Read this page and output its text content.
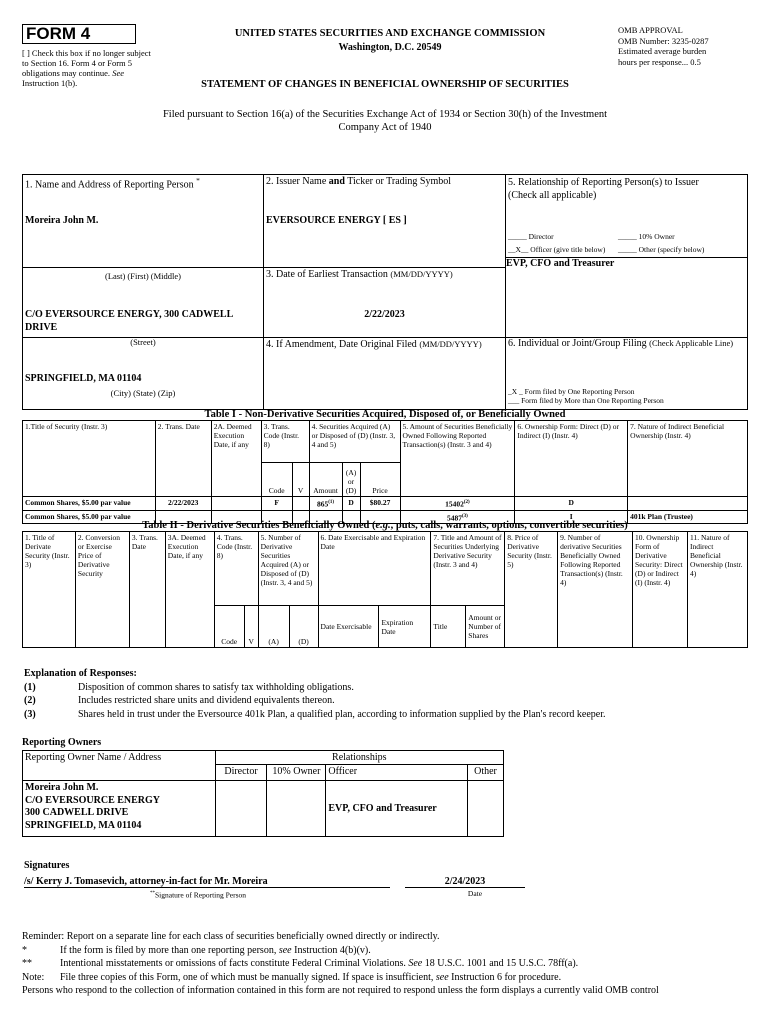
FORM 4
[ ] Check this box if no longer subject to Section 16. Form 4 or Form 5 obligations may continue. See Instruction 1(b).
UNITED STATES SECURITIES AND EXCHANGE COMMISSION
Washington, D.C. 20549
STATEMENT OF CHANGES IN BENEFICIAL OWNERSHIP OF SECURITIES
OMB APPROVAL
OMB Number: 3235-0287
Estimated average burden
hours per response... 0.5
Filed pursuant to Section 16(a) of the Securities Exchange Act of 1934 or Section 30(h) of the Investment Company Act of 1940
1. Name and Address of Reporting Person *
Moreira John M.
(Last) (First) (Middle)
C/O EVERSOURCE ENERGY, 300 CADWELL DRIVE
(Street)
SPRINGFIELD, MA 01104
(City) (State) (Zip)
2. Issuer Name and Ticker or Trading Symbol
EVERSOURCE ENERGY [ ES ]
3. Date of Earliest Transaction (MM/DD/YYYY)
2/22/2023
4. If Amendment, Date Original Filed (MM/DD/YYYY)
5. Relationship of Reporting Person(s) to Issuer
(Check all applicable)
_____ Director	_____ 10% Owner
__X__ Officer (give title below) _____ Other (specify below)
EVP, CFO and Treasurer
6. Individual or Joint/Group Filing (Check Applicable Line)
_X _ Form filed by One Reporting Person
___ Form filed by More than One Reporting Person
Table I - Non-Derivative Securities Acquired, Disposed of, or Beneficially Owned
1.Title of Security (Instr. 3)	2. Trans. Date	2A. Deemed Execution Date, if any	3. Trans. Code (Instr. 8)		4. Securities Acquired (A) or Disposed of (D) (Instr. 3, 4 and 5)			5. Amount of Securities Beneficially Owned Following Reported Transaction(s) (Instr. 3 and 4)	6. Ownership Form: Direct (D) or Indirect (I) (Instr. 4)	7. Nature of Indirect Beneficial Ownership (Instr. 4)
			Code	V	Amount	(A) or (D)	Price			
Common Shares, $5.00 par value	2/22/2023		F		865$^{(1)}$	D	$80.27	15402$^{(2)}$	D	
Common Shares, $5.00 par value								5487$^{(3)}$	I	401k Plan (Trustee)
Table II - Derivative Securities Beneficially Owned (e.g., puts, calls, warrants, options, convertible securities)
1. Title of Derivate Security (Instr. 3)	2. Conversion or Exercise Price of Derivative Security	3. Trans. Date	3A. Deemed Execution Date, if any	4. Trans. Code (Instr. 8)		5. Number of Derivative Securities Acquired (A) or Disposed of (D) (Instr. 3, 4 and 5)		6. Date Exercisable and Expiration Date		7. Title and Amount of Securities Underlying Derivative Security (Instr. 3 and 4)		8. Price of Derivative Security (Instr. 5)	9. Number of derivative Securities Beneficially Owned Following Reported Transaction(s) (Instr. 4)	10. Ownership Form of Derivative Security: Direct (D) or Indirect (I) (Instr. 4)	11. Nature of Indirect Beneficial Ownership (Instr. 4)
				Code	V	(A)	(D)	Date Exercisable	Expiration Date	Title	Amount or Number of Shares				
Explanation of Responses:
(1)	Disposition of common shares to satisfy tax withholding obligations.
(2)	Includes restricted share units and dividend equivalents thereon.
(3)	Shares held in trust under the Eversource 401k Plan, a qualified plan, according to information supplied by the Plan's record keeper.
Reporting Owners
Reporting Owner Name / Address	Relationships			
	Director	10% Owner	Officer	Other

Moreira John M.
C/O EVERSOURCE ENERGY
300 CADWELL DRIVE
SPRINGFIELD, MA 01104			EVP, CFO and Treasurer	
Signatures
/s/ Kerry J. Tomasevich, attorney-in-fact for Mr. Moreira	2/24/2023
**Signature of Reporting Person	Date
Reminder: Report on a separate line for each class of securities beneficially owned directly or indirectly.
*	If the form is filed by more than one reporting person, see Instruction 4(b)(v).
**	Intentional misstatements or omissions of facts constitute Federal Criminal Violations. See 18 U.S.C. 1001 and 15 U.S.C. 78ff(a).
Note: File three copies of this Form, one of which must be manually signed. If space is insufficient, see Instruction 6 for procedure.
Persons who respond to the collection of information contained in this form are not required to respond unless the form displays a currently valid OMB control
